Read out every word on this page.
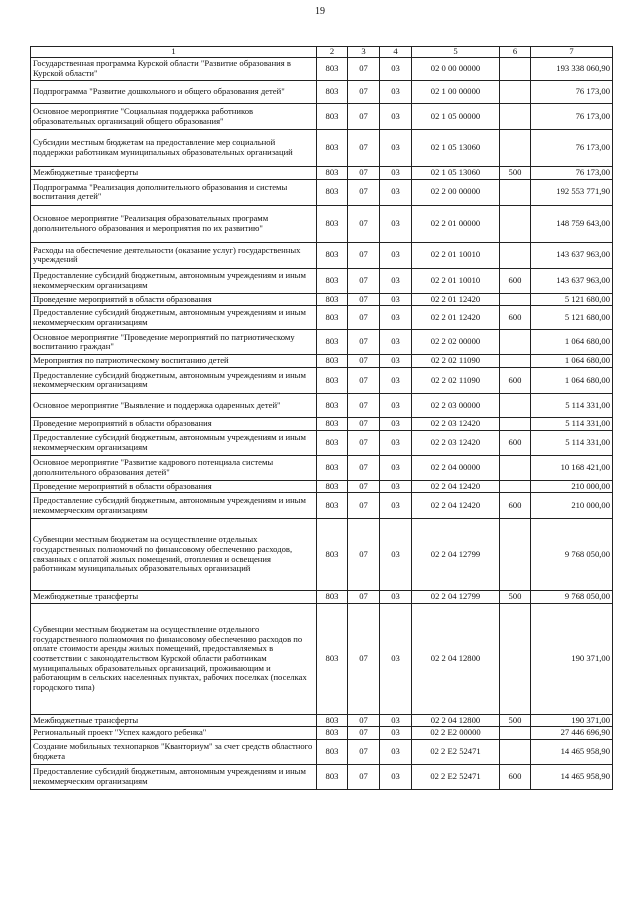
19
1	2	3	4	5	6	7
Государственная программа Курской области "Развитие образования в Курской области"	803	07	03	02 0 00 00000		193 338 060,90
Подпрограмма "Развитие дошкольного и общего образования детей"	803	07	03	02 1 00 00000		76 173,00
Основное мероприятие "Социальная поддержка работников образовательных организаций общего образования"	803	07	03	02 1 05 00000		76 173,00
Субсидии местным бюджетам на предоставление мер социальной поддержки работникам муниципальных образовательных организаций	803	07	03	02 1 05 13060		76 173,00
Межбюджетные трансферты	803	07	03	02 1 05 13060	500	76 173,00
Подпрограмма "Реализация дополнительного образования и системы воспитания детей"	803	07	03	02 2 00 00000		192 553 771,90
Основное мероприятие "Реализация образовательных программ дополнительного образования и мероприятия по их развитию"	803	07	03	02 2 01 00000		148 759 643,00
Расходы на обеспечение деятельности (оказание услуг) государственных учреждений	803	07	03	02 2 01 10010		143 637 963,00
Предоставление субсидий бюджетным, автономным учреждениям и иным некоммерческим организациям	803	07	03	02 2 01 10010	600	143 637 963,00
Проведение мероприятий в области образования	803	07	03	02 2 01 12420		5 121 680,00
Предоставление субсидий бюджетным, автономным учреждениям и иным некоммерческим организациям	803	07	03	02 2 01 12420	600	5 121 680,00
Основное мероприятие "Проведение мероприятий по патриотическому воспитанию граждан"	803	07	03	02 2 02 00000		1 064 680,00
Мероприятия по патриотическому воспитанию детей	803	07	03	02 2 02 11090		1 064 680,00
Предоставление субсидий бюджетным, автономным учреждениям и иным некоммерческим организациям	803	07	03	02 2 02 11090	600	1 064 680,00
Основное мероприятие "Выявление и поддержка одаренных детей"	803	07	03	02 2 03 00000		5 114 331,00
Проведение мероприятий в области образования	803	07	03	02 2 03 12420		5 114 331,00
Предоставление субсидий бюджетным, автономным учреждениям и иным некоммерческим организациям	803	07	03	02 2 03 12420	600	5 114 331,00
Основное мероприятие "Развитие кадрового потенциала системы дополнительного образования детей"	803	07	03	02 2 04 00000		10 168 421,00
Проведение мероприятий в области образования	803	07	03	02 2 04 12420		210 000,00
Предоставление субсидий бюджетным, автономным учреждениям и иным некоммерческим организациям	803	07	03	02 2 04 12420	600	210 000,00
Субвенции местным бюджетам на осуществление отдельных государственных полномочий по финансовому обеспечению расходов, связанных с оплатой жилых помещений, отопления и освещения работникам муниципальных образовательных организаций	803	07	03	02 2 04 12799		9 768 050,00
Межбюджетные трансферты	803	07	03	02 2 04 12799	500	9 768 050,00
Субвенции местным бюджетам на осуществление отдельного государственного полномочия по финансовому обеспечению расходов по оплате стоимости аренды жилых помещений, предоставляемых в соответствии с законодательством Курской области работникам муниципальных образовательных организаций, проживающим и работающим в сельских населенных пунктах, рабочих поселках (поселках городского типа)	803	07	03	02 2 04 12800		190 371,00
Межбюджетные трансферты	803	07	03	02 2 04 12800	500	190 371,00
Региональный проект "Успех каждого ребенка"	803	07	03	02 2 E2 00000		27 446 696,90
Создание мобильных технопарков "Кванториум" за счет средств областного бюджета	803	07	03	02 2 E2 52471		14 465 958,90
Предоставление субсидий бюджетным, автономным учреждениям и иным некоммерческим организациям	803	07	03	02 2 E2 52471	600	14 465 958,90
